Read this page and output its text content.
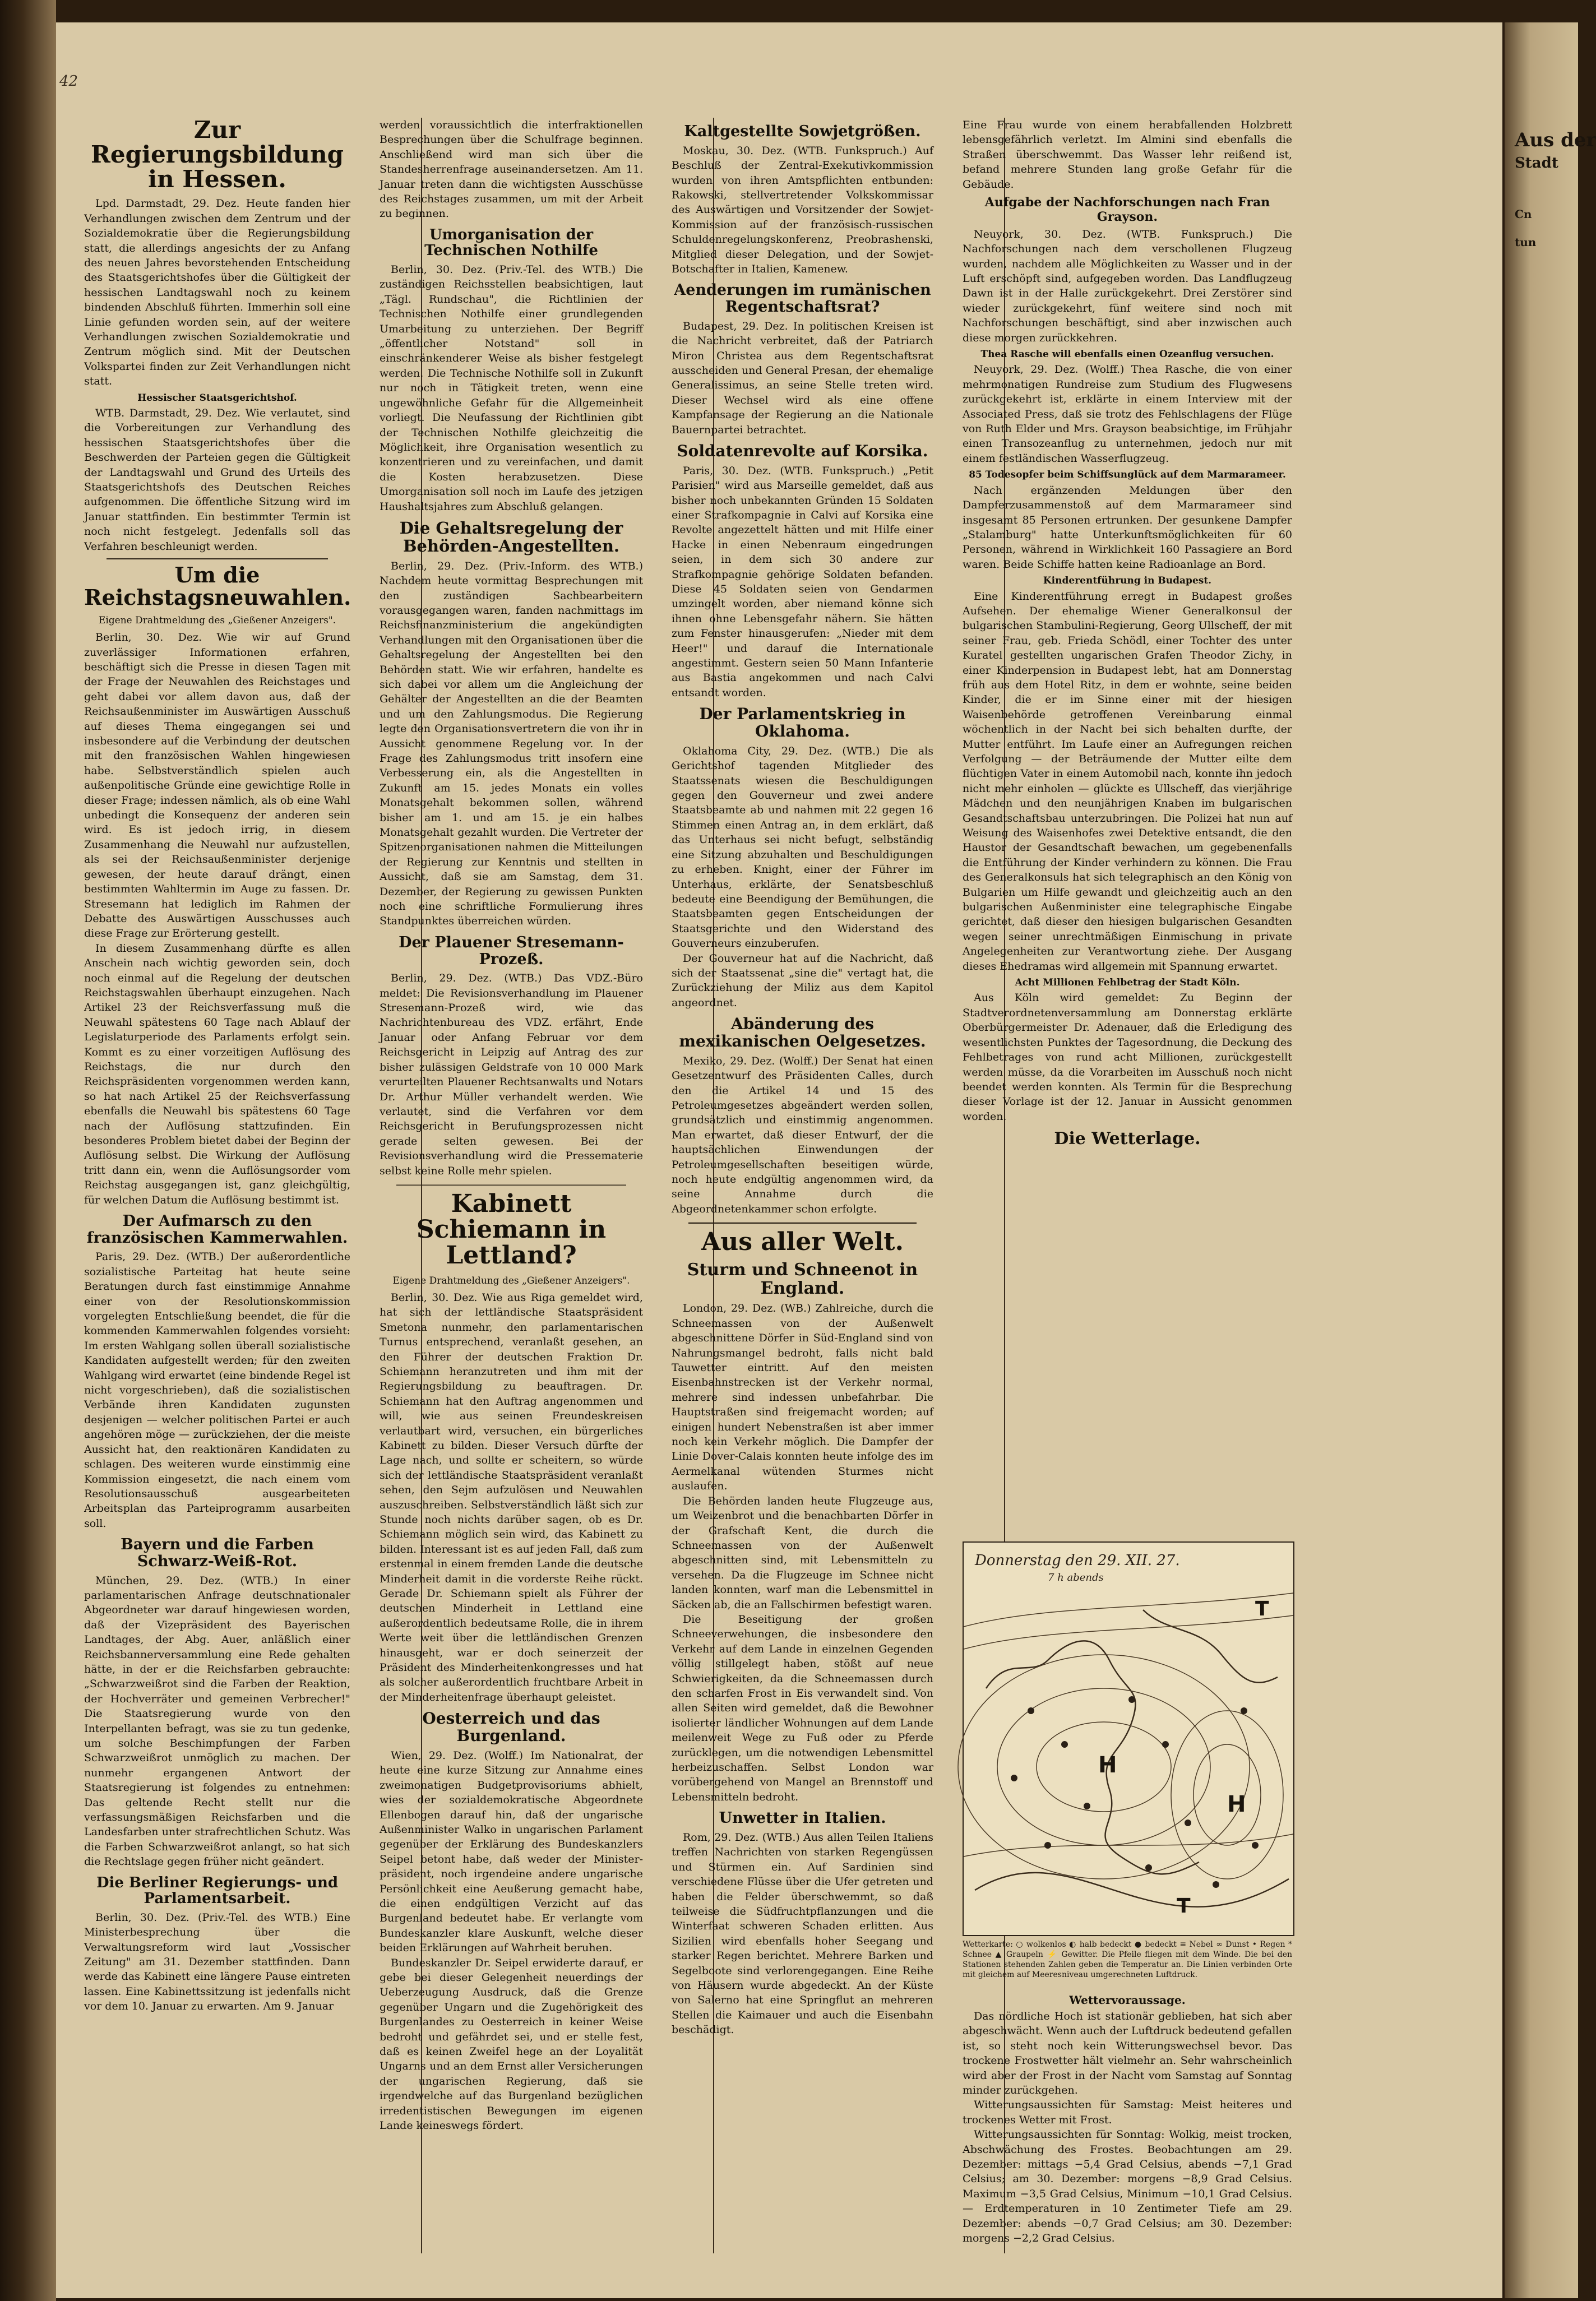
42
Zur Regierungsbildung in Hessen.

Lpd. Darmstadt, 29. Dez. Heute fanden hier Verhandlungen zwischen dem Zentrum und der Sozialdemokratie über die Regierungsbildung statt, die allerdings angesichts der zu Anfang des neuen Jahres bevorstehenden Entscheidung des Staatsgerichtshofes über die Gültigkeit der hessischen Landtagswahl noch zu keinem bindenden Abschluß führten. Immerhin soll eine Linie gefunden worden sein, auf der weitere Verhandlungen zwischen Sozialdemokratie und Zentrum möglich sind. Mit der Deutschen Volkspartei finden zur Zeit Verhandlungen nicht statt.

Hessischer Staatsgerichtshof.

WTB. Darmstadt, 29. Dez. Wie verlautet, sind die Vorbereitungen zur Verhandlung des hessischen Staatsgerichtshofes über die Beschwerden der Parteien gegen die Gültigkeit der Landtagswahl und Grund des Urteils des Staatsgerichtshofs des Deutschen Reiches aufgenommen. Die öffentliche Sitzung wird im Januar stattfinden. Ein bestimmter Termin ist noch nicht festgelegt. Jedenfalls soll das Verfahren beschleunigt werden.

Um die Reichstagsneuwahlen.
Eigene Drahtmeldung des „Gießener Anzeigers".

Berlin, 30. Dez. Wie wir auf Grund zuverlässiger Informationen erfahren, beschäftigt sich die Presse in diesen Tagen mit der Frage der Neuwahlen des Reichstages und geht dabei vor allem davon aus, daß der Reichsaußenminister im Auswärtigen Ausschuß auf dieses Thema eingegangen sei und insbesondere auf die Verbindung der deutschen mit den französischen Wahlen hingewiesen habe. Selbstverständlich spielen auch außenpolitische Gründe eine gewichtige Rolle in dieser Frage; indessen nämlich, als ob eine Wahl unbedingt die Konsequenz der anderen sein wird. Es ist jedoch irrig, in diesem Zusammenhang die Neuwahl nur aufzustellen, als sei der Reichsaußenminister derjenige gewesen, der heute darauf drängt, einen bestimmten Wahltermin im Auge zu fassen. Dr. Stresemann hat lediglich im Rahmen der Debatte des Auswärtigen Ausschusses auch diese Frage zur Erörterung gestellt.

In diesem Zusammenhang dürfte es allen Anschein nach wichtig geworden sein, doch noch einmal auf die Regelung der deutschen Reichstagswahlen überhaupt einzugehen. Nach Artikel 23 der Reichsverfassung muß die Neuwahl spätestens 60 Tage nach Ablauf der Legislaturperiode des Parlaments erfolgt sein. Kommt es zu einer vorzeitigen Auflösung des Reichstags, die nur durch den Reichspräsidenten vorgenommen werden kann, so hat nach Artikel 25 der Reichsverfassung ebenfalls die Neuwahl bis spätestens 60 Tage nach der Auflösung stattzufinden. Ein besonderes Problem bietet dabei der Beginn der Auflösung selbst. Die Wirkung der Auflösung tritt dann ein, wenn die Auflösungsorder vom Reichstag ausgegangen ist, ganz gleichgültig, für welchen Datum die Auflösung bestimmt ist.

Der Aufmarsch zu den französischen Kammerwahlen.

Paris, 29. Dez. (WTB.) Der außerordentliche sozialistische Parteitag hat heute seine Beratungen durch fast einstimmige Annahme einer von der Resolutionskommission vorgelegten Entschließung beendet, die für die kommenden Kammerwahlen folgendes vorsieht: Im ersten Wahlgang sollen überall sozialistische Kandidaten aufgestellt werden; für den zweiten Wahlgang wird erwartet (eine bindende Regel ist nicht vorgeschrieben), daß die sozialistischen Verbände ihren Kandidaten zugunsten desjenigen — welcher politischen Partei er auch angehören möge — zurückziehen, der die meiste Aussicht hat, den reaktionären Kandidaten zu schlagen. Des weiteren wurde einstimmig eine Kommission eingesetzt, die nach einem vom Resolutionsausschuß ausgearbeiteten Arbeitsplan das Parteiprogramm ausarbeiten soll.

Bayern und die Farben Schwarz-Weiß-Rot.

München, 29. Dez. (WTB.) In einer parlamentarischen Anfrage deutschnationaler Abgeordneter war darauf hingewiesen worden, daß der Vizepräsident des Bayerischen Landtages, der Abg. Auer, anläßlich einer Reichsbannerversammlung eine Rede gehalten hätte, in der er die Reichsfarben gebrauchte: „Schwarzweißrot sind die Farben der Reaktion, der Hochverräter und gemeinen Verbrecher!" Die Staatsregierung wurde von den Interpellanten befragt, was sie zu tun gedenke, um solche Beschimpfungen der Farben Schwarzweißrot unmöglich zu machen. Der nunmehr ergangenen Antwort der Staatsregierung ist folgendes zu entnehmen: Das geltende Recht stellt nur die verfassungsmäßigen Reichsfarben und die Landesfarben unter strafrechtlichen Schutz. Was die Farben Schwarzweißrot anlangt, so hat sich die Rechtslage gegen früher nicht geändert.

Die Berliner Regierungs- und Parlamentsarbeit.

Berlin, 30. Dez. (Priv.-Tel. des WTB.) Eine Ministerbesprechung über die Verwaltungsreform wird laut „Vossischer Zeitung" am 31. Dezember stattfinden. Dann werde das Kabinett eine längere Pause eintreten lassen. Eine Kabinettssitzung ist jedenfalls nicht vor dem 10. Januar zu erwarten. Am 9. Januar

werden voraussichtlich die interfraktionellen Besprechungen über die Schulfrage beginnen. Anschließend wird man sich über die Standesherrenfrage auseinandersetzen. Am 11. Januar treten dann die wichtigsten Ausschüsse des Reichstages zusammen, um mit der Arbeit zu beginnen.

Umorganisation der Technischen Nothilfe

Berlin, 30. Dez. (Priv.-Tel. des WTB.) Die zuständigen Reichsstellen beabsichtigen, laut „Tägl. Rundschau", die Richtlinien der Technischen Nothilfe einer grundlegenden Umarbeitung zu unterziehen. Der Begriff „öffentlicher Notstand" soll in einschränkenderer Weise als bisher festgelegt werden. Die Technische Nothilfe soll in Zukunft nur noch in Tätigkeit treten, wenn eine ungewöhnliche Gefahr für die Allgemeinheit vorliegt. Die Neufassung der Richtlinien gibt der Technischen Nothilfe gleichzeitig die Möglichkeit, ihre Organisation wesentlich zu konzentrieren und zu vereinfachen, und damit die Kosten herabzusetzen. Diese Umorganisation soll noch im Laufe des jetzigen Haushaltsjahres zum Abschluß gelangen.

Die Gehaltsregelung der Behörden-Angestellten.

Berlin, 29. Dez. (Priv.-Inform. des WTB.) Nachdem heute vormittag Besprechungen mit den zuständigen Sachbearbeitern vorausgegangen waren, fanden nachmittags im Reichsfinanzministerium die angekündigten Verhandlungen mit den Organisationen über die Gehaltsregelung der Angestellten bei den Behörden statt. Wie wir erfahren, handelte es sich dabei vor allem um die Angleichung der Gehälter der Angestellten an die der Beamten und um den Zahlungsmodus. Die Regierung legte den Organisationsvertretern die von ihr in Aussicht genommene Regelung vor. In der Frage des Zahlungsmodus tritt insofern eine Verbesserung ein, als die Angestellten in Zukunft am 15. jedes Monats ein volles Monatsgehalt bekommen sollen, während bisher am 1. und am 15. je ein halbes Monatsgehalt gezahlt wurden. Die Vertreter der Spitzenorganisationen nahmen die Mitteilungen der Regierung zur Kenntnis und stellten in Aussicht, daß sie am Samstag, dem 31. Dezember, der Regierung zu gewissen Punkten noch eine schriftliche Formulierung ihres Standpunktes überreichen würden.

Der Plauener Stresemann-Prozeß.

Berlin, 29. Dez. (WTB.) Das VDZ.-Büro meldet: Die Revisionsverhandlung im Plauener Stresemann-Prozeß wird, wie das Nachrichtenbureau des VDZ. erfährt, Ende Januar oder Anfang Februar vor dem Reichsgericht in Leipzig auf Antrag des zur bisher zulässigen Geldstrafe von 10 000 Mark verurteilten Plauener Rechtsanwalts und Notars Dr. Arthur Müller verhandelt werden. Wie verlautet, sind die Verfahren vor dem Reichsgericht in Berufungsprozessen nicht gerade selten gewesen. Bei der Revisionsverhandlung wird die Pressematerie selbst keine Rolle mehr spielen.

Kabinett Schiemann in Lettland?
Eigene Drahtmeldung des „Gießener Anzeigers".

Berlin, 30. Dez. Wie aus Riga gemeldet wird, hat sich der lettländische Staatspräsident Smetona nunmehr, den parlamentarischen Turnus entsprechend, veranlaßt gesehen, an den Führer der deutschen Fraktion Dr. Schiemann heranzutreten und ihm mit der Regierungsbildung zu beauftragen. Dr. Schiemann hat den Auftrag angenommen und will, wie aus seinen Freundeskreisen verlautbart wird, versuchen, ein bürgerliches Kabinett zu bilden. Dieser Versuch dürfte der Lage nach, und sollte er scheitern, so würde sich der lettländische Staatspräsident veranlaßt sehen, den Sejm aufzulösen und Neuwahlen auszuschreiben. Selbstverständlich läßt sich zur Stunde noch nichts darüber sagen, ob es Dr. Schiemann möglich sein wird, das Kabinett zu bilden. Interessant ist es auf jeden Fall, daß zum erstenmal in einem fremden Lande die deutsche Minderheit damit in die vorderste Reihe rückt. Gerade Dr. Schiemann spielt als Führer der deutschen Minderheit in Lettland eine außerordentlich bedeutsame Rolle, die in ihrem Werte weit über die lettländischen Grenzen hinausgeht, war er doch seinerzeit der Präsident des Minderheitenkongresses und hat als solcher außerordentlich fruchtbare Arbeit in der Minderheitenfrage überhaupt geleistet.

Oesterreich und das Burgenland.

Wien, 29. Dez. (Wolff.) Im Nationalrat, der heute eine kurze Sitzung zur Annahme eines zweimonatigen Budgetprovisoriums abhielt, wies der sozialdemokratische Abgeordnete Ellenbogen darauf hin, daß der ungarische Außenminister Walko in ungarischen Parlament gegenüber der Erklärung des Bundeskanzlers Seipel betont habe, daß weder der Minister-präsident, noch irgendeine andere ungarische Persönlichkeit eine Aeußerung gemacht habe, die einen endgültigen Verzicht auf das Burgenland bedeutet habe. Er verlangte vom Bundeskanzler klare Auskunft, welche dieser beiden Erklärungen auf Wahrheit beruhen.

Bundeskanzler Dr. Seipel erwiderte darauf, er gebe bei dieser Gelegenheit neuerdings der Ueberzeugung Ausdruck, daß die Grenze gegenüber Ungarn und die Zugehörigkeit des Burgenlandes zu Oesterreich in keiner Weise bedroht und gefährdet sei, und er stelle fest, daß es keinen Zweifel hege an der Loyalität Ungarns und an dem Ernst aller Versicherungen der ungarischen Regierung, daß sie irgendwelche auf das Burgenland bezüglichen irredentistischen Bewegungen im eigenen Lande keineswegs fördert.

Kaltgestellte Sowjetgrößen.

Moskau, 30. Dez. (WTB. Funkspruch.) Auf Beschluß der Zentral-Exekutivkommission wurden von ihren Amtspflichten entbunden: Rakowski, stellvertretender Volkskommissar des Auswärtigen und Vorsitzender der Sowjet-Kommission auf der französisch-russischen Schuldenregelungskonferenz, Preobrashenski, Mitglied dieser Delegation, und der Sowjet-Botschafter in Italien, Kamenew.

Aenderungen im rumänischen Regentschaftsrat?

Budapest, 29. Dez. In politischen Kreisen ist die Nachricht verbreitet, daß der Patriarch Miron Christea aus dem Regentschaftsrat ausscheiden und General Presan, der ehemalige Generalissimus, an seine Stelle treten wird. Dieser Wechsel wird als eine offene Kampfansage der Regierung an die Nationale Bauernpartei betrachtet.

Soldatenrevolte auf Korsika.

Paris, 30. Dez. (WTB. Funkspruch.) „Petit Parisien" wird aus Marseille gemeldet, daß aus bisher noch unbekannten Gründen 15 Soldaten einer Strafkompagnie in Calvi auf Korsika eine Revolte angezettelt hätten und mit Hilfe einer Hacke in einen Nebenraum eingedrungen seien, in dem sich 30 andere zur Strafkompagnie gehörige Soldaten befanden. Diese 45 Soldaten seien von Gendarmen umzingelt worden, aber niemand könne sich ihnen ohne Lebensgefahr nähern. Sie hätten zum Fenster hinausgerufen: „Nieder mit dem Heer!" und darauf die Internationale angestimmt. Gestern seien 50 Mann Infanterie aus Bastia angekommen und nach Calvi entsandt worden.

Der Parlamentskrieg in Oklahoma.

Oklahoma City, 29. Dez. (WTB.) Die als Gerichtshof tagenden Mitglieder des Staatssenats wiesen die Beschuldigungen gegen den Gouverneur und zwei andere Staatsbeamte ab und nahmen mit 22 gegen 16 Stimmen einen Antrag an, in dem erklärt, daß das Unterhaus sei nicht befugt, selbständig eine Sitzung abzuhalten und Beschuldigungen zu erheben. Knight, einer der Führer im Unterhaus, erklärte, der Senatsbeschluß bedeute eine Beendigung der Bemühungen, die Staatsbeamten gegen Entscheidungen der Staatsgerichte und den Widerstand des Gouverneurs einzuberufen.

Der Gouverneur hat auf die Nachricht, daß sich der Staatssenat „sine die" vertagt hat, die Zurückziehung der Miliz aus dem Kapitol angeordnet.

Abänderung des mexikanischen Oelgesetzes.

Mexiko, 29. Dez. (Wolff.) Der Senat hat einen Gesetzentwurf des Präsidenten Calles, durch den die Artikel 14 und 15 des Petroleumgesetzes abgeändert werden sollen, grundsätzlich und einstimmig angenommen. Man erwartet, daß dieser Entwurf, der die hauptsächlichen Einwendungen der Petroleumgesellschaften beseitigen würde, noch heute endgültig angenommen wird, da seine Annahme durch die Abgeordnetenkammer schon erfolgte.

Aus aller Welt.
Sturm und Schneenot in England.

London, 29. Dez. (WB.) Zahlreiche, durch die Schneemassen von der Außenwelt abgeschnittene Dörfer in Süd-England sind von Nahrungsmangel bedroht, falls nicht bald Tauwetter eintritt. Auf den meisten Eisenbahnstrecken ist der Verkehr normal, mehrere sind indessen unbefahrbar. Die Hauptstraßen sind freigemacht worden; auf einigen hundert Nebenstraßen ist aber immer noch kein Verkehr möglich. Die Dampfer der Linie Dover-Calais konnten heute infolge des im Aermelkanal wütenden Sturmes nicht auslaufen.

Die Behörden landen heute Flugzeuge aus, um Weizenbrot und die benachbarten Dörfer in der Grafschaft Kent, die durch die Schneemassen von der Außenwelt abgeschnitten sind, mit Lebensmitteln zu versehen. Da die Flugzeuge im Schnee nicht landen konnten, warf man die Lebensmittel in Säcken ab, die an Fallschirmen befestigt waren.

Die Beseitigung der großen Schneeverwehungen, die insbesondere den Verkehr auf dem Lande in einzelnen Gegenden völlig stillgelegt haben, stößt auf neue Schwierigkeiten, da die Schneemassen durch den scharfen Frost in Eis verwandelt sind. Von allen Seiten wird gemeldet, daß die Bewohner isolierter ländlicher Wohnungen auf dem Lande meilenweit Wege zu Fuß oder zu Pferde zurücklegen, um die notwendigen Lebensmittel herbeizuschaffen. Selbst London war vorübergehend von Mangel an Brennstoff und Lebensmitteln bedroht.

Unwetter in Italien.

Rom, 29. Dez. (WTB.) Aus allen Teilen Italiens treffen Nachrichten von starken Regengüssen und Stürmen ein. Auf Sardinien sind verschiedene Flüsse über die Ufer getreten und haben die Felder überschwemmt, so daß teilweise die Südfruchtpflanzungen und die Winterfaat schweren Schaden erlitten. Aus Sizilien wird ebenfalls hoher Seegang und starker Regen berichtet. Mehrere Barken und Segelboote sind verlorengegangen. Eine Reihe von Häusern wurde abgedeckt. An der Küste von Salerno hat eine Springflut an mehreren Stellen die Kaimauer und auch die Eisenbahn beschädigt.

Eine Frau wurde von einem herabfallenden Holzbrett lebensgefährlich verletzt. Im Almini sind ebenfalls die Straßen überschwemmt. Das Wasser lehr reißend ist, befand mehrere Stunden lang große Gefahr für die Gebäude.

Aufgabe der Nachforschungen nach Fran Grayson.

Neuyork, 30. Dez. (WTB. Funkspruch.) Die Nachforschungen nach dem verschollenen Flugzeug wurden, nachdem alle Möglichkeiten zu Wasser und in der Luft erschöpft sind, aufgegeben worden. Das Landflugzeug Dawn ist in der Halle zurückgekehrt. Drei Zerstörer sind wieder zurückgekehrt, fünf weitere sind noch mit Nachforschungen beschäftigt, sind aber inzwischen auch diese morgen zurückkehren.

Thea Rasche will ebenfalls einen Ozeanflug versuchen.

Neuyork, 29. Dez. (Wolff.) Thea Rasche, die von einer mehrmonatigen Rundreise zum Studium des Flugwesens zurückgekehrt ist, erklärte in einem Interview mit der Associated Press, daß sie trotz des Fehlschlagens der Flüge von Ruth Elder und Mrs. Grayson beabsichtige, im Frühjahr einen Transozeanflug zu unternehmen, jedoch nur mit einem festländischen Wasserflugzeug.

85 Todesopfer beim Schiffsunglück auf dem Marmarameer.

Nach ergänzenden Meldungen über den Dampferzusammenstoß auf dem Marmarameer sind insgesamt 85 Personen ertrunken. Der gesunkene Dampfer „Stalamburg" hatte Unterkunftsmöglichkeiten für 60 Personen, während in Wirklichkeit 160 Passagiere an Bord waren. Beide Schiffe hatten keine Radioanlage an Bord.

Kinderentführung in Budapest.

Eine Kinderentführung erregt in Budapest großes Aufsehen. Der ehemalige Wiener Generalkonsul der bulgarischen Stambulini-Regierung, Georg Ullscheff, der mit seiner Frau, geb. Frieda Schödl, einer Tochter des unter Kuratel gestellten ungarischen Grafen Theodor Zichy, in einer Kinderpension in Budapest lebt, hat am Donnerstag früh aus dem Hotel Ritz, in dem er wohnte, seine beiden Kinder, die er im Sinne einer mit der hiesigen Waisenbehörde getroffenen Vereinbarung einmal wöchentlich in der Nacht bei sich behalten durfte, der Mutter entführt. Im Laufe einer an Aufregungen reichen Verfolgung — der Beträumende der Mutter eilte dem flüchtigen Vater in einem Automobil nach, konnte ihn jedoch nicht mehr einholen — glückte es Ullscheff, das vierjährige Mädchen und den neunjährigen Knaben im bulgarischen Gesandtschaftsbau unterzubringen. Die Polizei hat nun auf Weisung des Waisenhofes zwei Detektive entsandt, die den Haustor der Gesandtschaft bewachen, um gegebenenfalls die Entführung der Kinder verhindern zu können. Die Frau des Generalkonsuls hat sich telegraphisch an den König von Bulgarien um Hilfe gewandt und gleichzeitig auch an den bulgarischen Außenminister eine telegraphische Eingabe gerichtet, daß dieser den hiesigen bulgarischen Gesandten wegen seiner unrechtmäßigen Einmischung in private Angelegenheiten zur Verantwortung ziehe. Der Ausgang dieses Ehedramas wird allgemein mit Spannung erwartet.

Acht Millionen Fehlbetrag der Stadt Köln.

Aus Köln wird gemeldet: Zu Beginn der Stadtverordnetenversammlung am Donnerstag erklärte Oberbürgermeister Dr. Adenauer, daß die Erledigung des wesentlichsten Punktes der Tagesordnung, die Deckung des Fehlbetrages von rund acht Millionen, zurückgestellt werden müsse, da die Vorarbeiten im Ausschuß noch nicht beendet werden konnten. Als Termin für die Besprechung dieser Vorlage ist der 12. Januar in Aussicht genommen worden.

Die Wetterlage.
Donnerstag den 29. XII. 27.
7 h abends
H
H
T
T
Wetterkarte: ○ wolkenlos ◐ halb bedeckt ● bedeckt ≡ Nebel ∞ Dunst • Regen * Schnee ▲ Graupeln ⚡ Gewitter. Die Pfeile fliegen mit dem Winde. Die bei den Stationen stehenden Zahlen geben die Temperatur an. Die Linien verbinden Orte mit gleichem auf Meeresniveau umgerechneten Luftdruck.
Wettervoraussage.

Das nördliche Hoch ist stationär geblieben, hat sich aber abgeschwächt. Wenn auch der Luftdruck bedeutend gefallen ist, so steht noch kein Witterungswechsel bevor. Das trockene Frostwetter hält vielmehr an. Sehr wahrscheinlich wird aber der Frost in der Nacht vom Samstag auf Sonntag minder zurückgehen.

Witterungsaussichten für Samstag: Meist heiteres und trockenes Wetter mit Frost.

Witterungsaussichten für Sonntag: Wolkig, meist trocken, Abschwächung des Frostes. Beobachtungen am 29. Dezember: mittags −5,4 Grad Celsius, abends −7,1 Grad Celsius; am 30. Dezember: morgens −8,9 Grad Celsius. Maximum −3,5 Grad Celsius, Minimum −10,1 Grad Celsius. — Erdtemperaturen in 10 Zentimeter Tiefe am 29. Dezember: abends −0,7 Grad Celsius; am 30. Dezember: morgens −2,2 Grad Celsius.

Aus der
Stadt
Cn
tun
